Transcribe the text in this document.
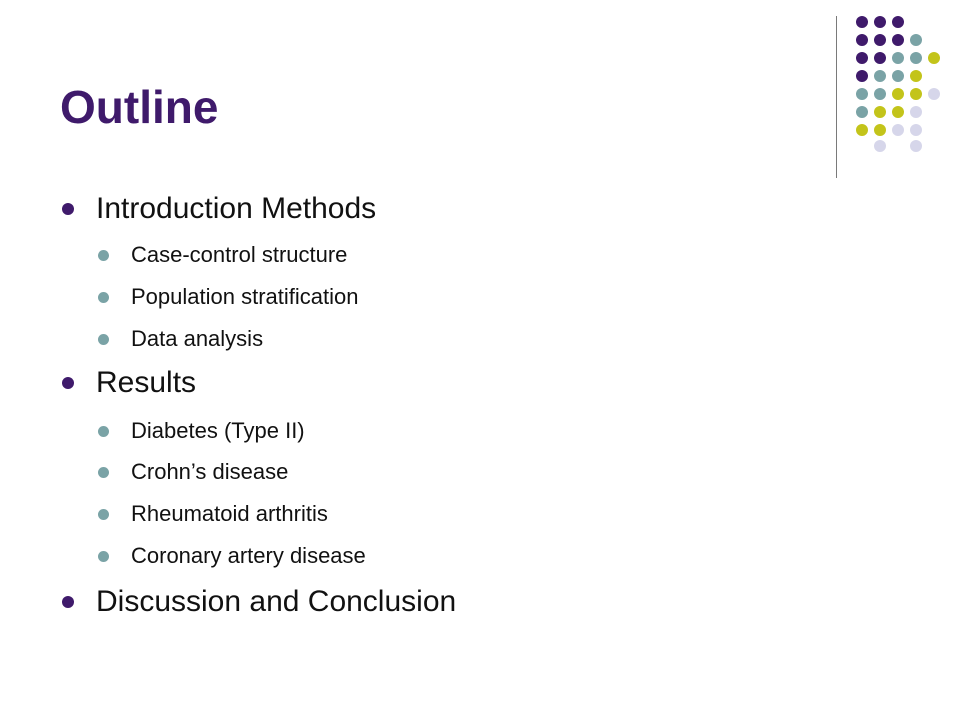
Outline
Introduction Methods
Case-control structure
Population stratification
Data analysis
Results
Diabetes (Type II)
Crohn’s disease
Rheumatoid arthritis
Coronary artery disease
Discussion and Conclusion
